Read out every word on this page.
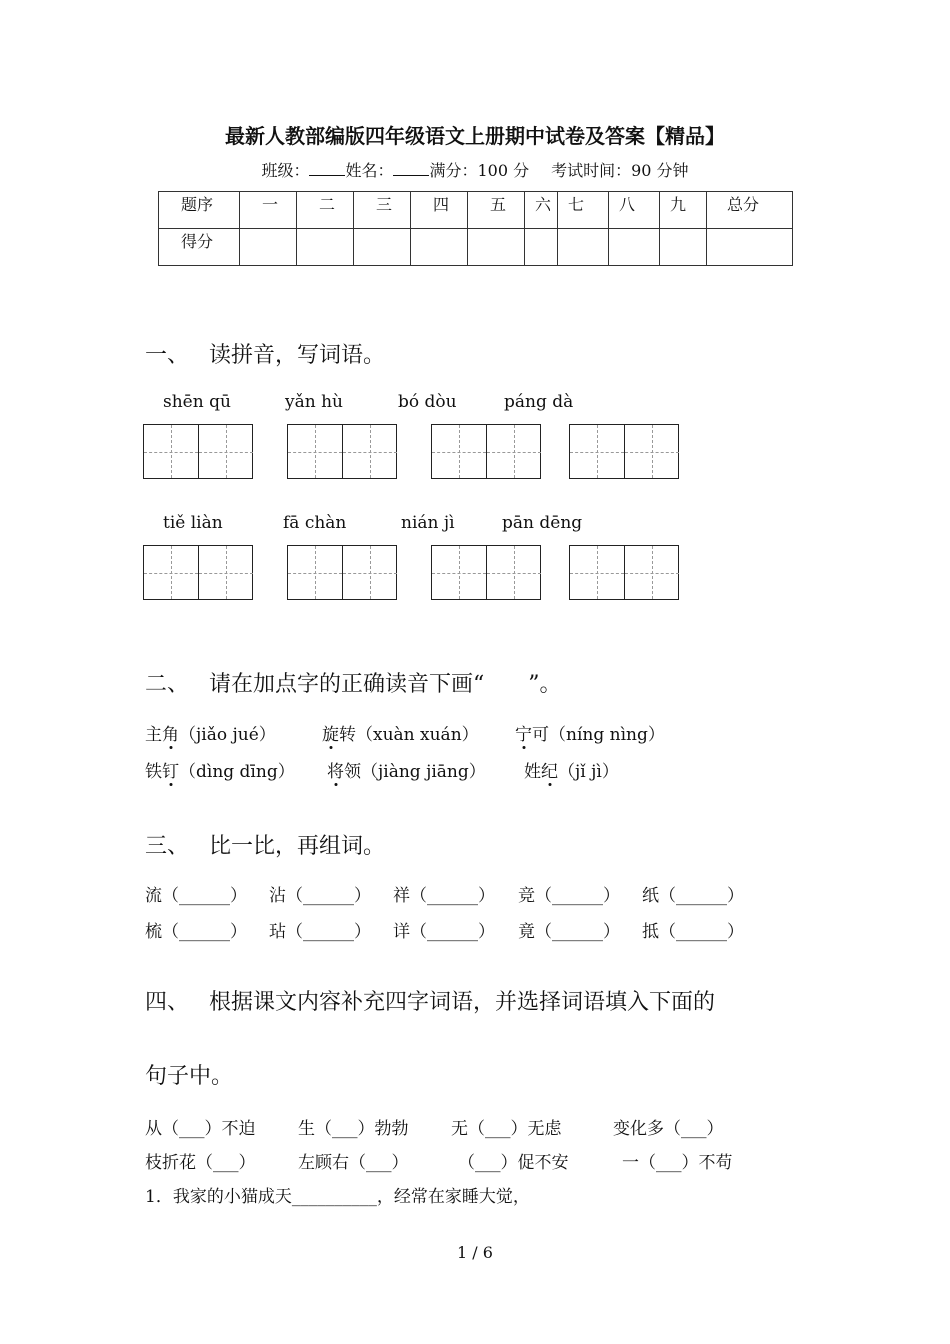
最新人教部编版四年级语文上册期中试卷及答案【精品】
班级： 姓名： 满分：100 分 考试时间：90 分钟
题序	一	二	三	四	五	六	七	八	九	总分
得分										
一、 读拼音，写词语。
shēn qū	yǎn hù	bó dòu	páng dà
tiě liàn	fā chàn	nián jì	pān dēng
二、 请在加点字的正确读音下画“　　”。
主角（jiǎo jué）	旋转（xuàn xuán） 宁可（níng nìng）
铁钉（dìng dīng） 将领（jiàng jiāng） 姓纪（jǐ jì）
三、 比一比，再组词。
流（______） 沾（______） 祥（______） 竞（______） 纸（______）
梳（______） 玷（______） 详（______） 竟（______） 抵（______）
四、 根据课文内容补充四字词语，并选择词语填入下面的
句子中。
从（___）不迫	生（___）勃勃	无（___）无虑	变化多（___）
枝折花（___）	左顾右（___）	（___）促不安	一（___）不苟
1．我家的小猫成天__________，经常在家睡大觉，
1 / 6
